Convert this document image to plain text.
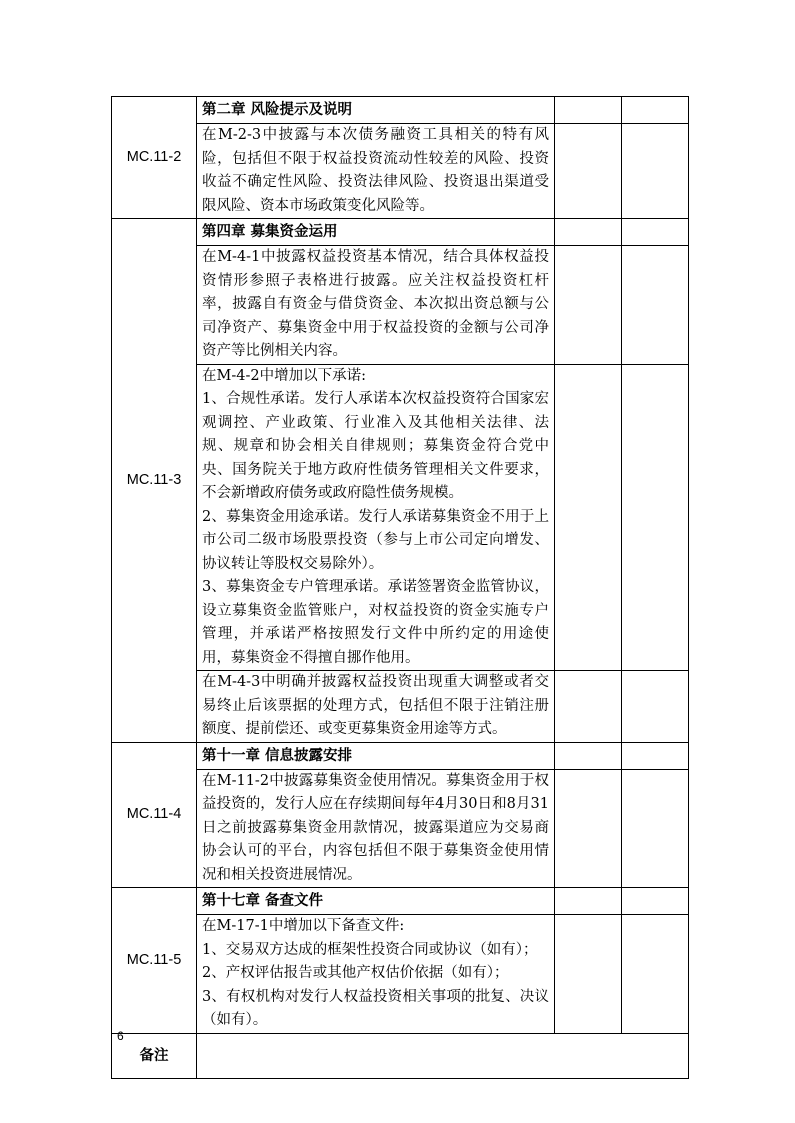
MC.11-2	第二章 风险提示及说明		

	在M-2-3中披露与本次债务融资工具相关的特有风险，包括但不限于权益投资流动性较差的风险、投资收益不确定性风险、投资法律风险、投资退出渠道受限风险、资本市场政策变化风险等。		

MC.11-3	第四章 募集资金运用		

	在M-4-1中披露权益投资基本情况，结合具体权益投资情形参照子表格进行披露。应关注权益投资杠杆率，披露自有资金与借贷资金、本次拟出资总额与公司净资产、募集资金中用于权益投资的金额与公司净资产等比例相关内容。		

	在M-4-2中增加以下承诺:
1、合规性承诺。发行人承诺本次权益投资符合国家宏观调控、产业政策、行业准入及其他相关法律、法规、规章和协会相关自律规则；募集资金符合党中央、国务院关于地方政府性债务管理相关文件要求，不会新增政府债务或政府隐性债务规模。
2、募集资金用途承诺。发行人承诺募集资金不用于上市公司二级市场股票投资（参与上市公司定向增发、协议转让等股权交易除外）。
3、募集资金专户管理承诺。承诺签署资金监管协议，设立募集资金监管账户，对权益投资的资金实施专户管理，并承诺严格按照发行文件中所约定的用途使用，募集资金不得擅自挪作他用。		

	在M-4-3中明确并披露权益投资出现重大调整或者交易终止后该票据的处理方式，包括但不限于注销注册额度、提前偿还、或变更募集资金用途等方式。		

MC.11-4	第十一章 信息披露安排		

	在M-11-2中披露募集资金使用情况。募集资金用于权益投资的，发行人应在存续期间每年4月30日和8月31日之前披露募集资金用款情况，披露渠道应为交易商协会认可的平台，内容包括但不限于募集资金使用情况和相关投资进展情况。		

MC.11-5	第十七章 备查文件		

	在M-17-1中增加以下备查文件:
1、交易双方达成的框架性投资合同或协议（如有）；
2、产权评估报告或其他产权估价依据（如有）；
3、有权机构对发行人权益投资相关事项的批复、决议（如有）。		

备注			
6
